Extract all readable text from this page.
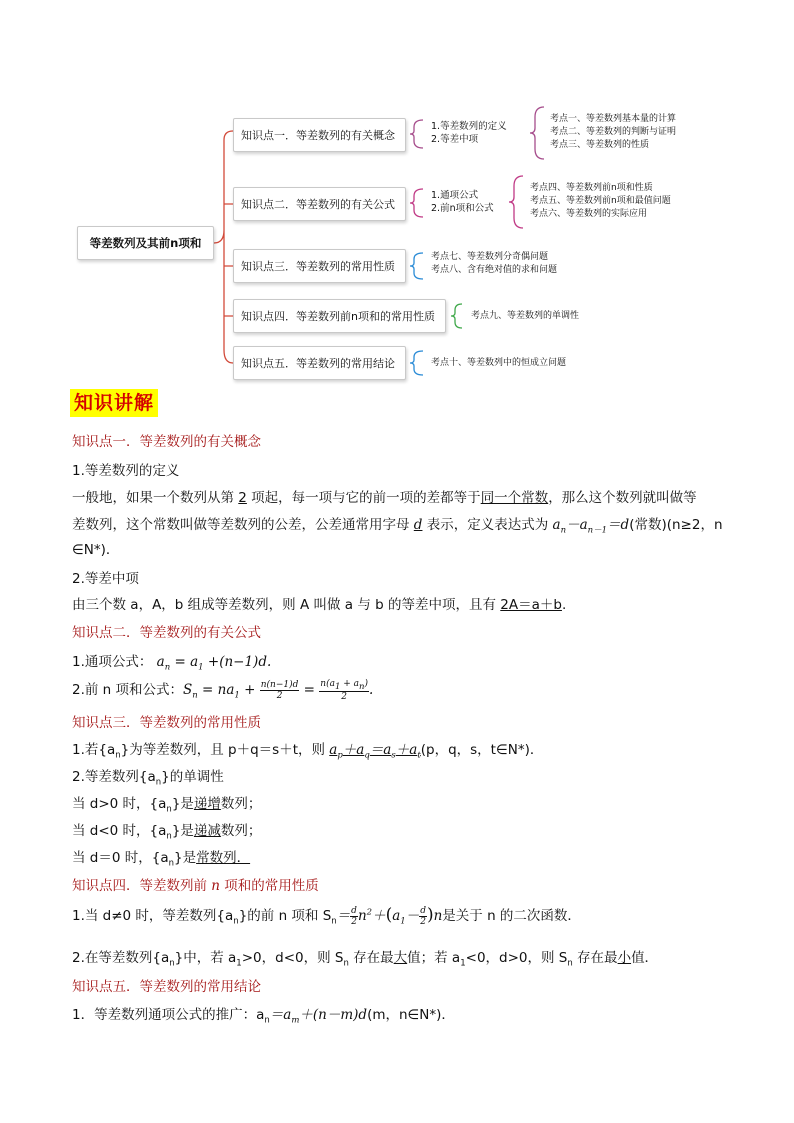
等差数列及其前n项和
知识点一．等差数列的有关概念
知识点二．等差数列的有关公式
知识点三．等差数列的常用性质
知识点四．等差数列前n项和的常用性质
知识点五．等差数列的常用结论
1.等差数列的定义
2.等差中项
考点一、等差数列基本量的计算
考点二、等差数列的判断与证明
考点三、等差数列的性质
1.通项公式
2.前n项和公式
考点四、等差数列前n项和性质
考点五、等差数列前n项和最值问题
考点六、等差数列的实际应用
考点七、等差数列分奇偶问题
考点八、含有绝对值的求和问题
考点九、等差数列的单调性
考点十、等差数列中的恒成立问题
知识讲解
知识点一．等差数列的有关概念
1.等差数列的定义
一般地，如果一个数列从第 2 项起，每一项与它的前一项的差都等于同一个常数，那么这个数列就叫做等
差数列，这个常数叫做等差数列的公差，公差通常用字母 d 表示，定义表达式为 $a_n-a_{n-1}=d$(常数)(n≥2，n
∈N*)．
2.等差中项
由三个数 a，A，b 组成等差数列，则 A 叫做 a 与 b 的等差中项，且有 2A＝a＋b.
知识点二．等差数列的有关公式
1.通项公式： $a_n = a_1 +(n-1)d$.
2.前 n 项和公式：$S_n = na_1 + \frac{n(n-1)d}{2} = \frac{n(a_1 + a_n)}{2}$ .
知识点三．等差数列的常用性质
1.若$\{a_n\}$为等差数列，且 p＋q＝s＋t，则 $a_p+a_q=a_s+a_t(p$，q，s，t∈N*)．
2.等差数列$\{a_n\}$的单调性
当 d>0 时，$\{a_n\}$是递增数列；
当 d<0 时，$\{a_n\}$是递减数列；
当 d＝0 时，$\{a_n\}$是常数列．
知识点四．等差数列前 n 项和的常用性质
1.当 d≠0 时，等差数列$\{a_n\}$的前 n 项和 $S_n= \frac{d}{2} n^2+(a_1- \frac{d}{2} )n$是关于 n 的二次函数．
2.在等差数列$\{a_n\}$中，若 $a_1>0$，d<0，则 $S_n$ 存在最大值；若 $a_1<0$，d>0，则 $S_n$ 存在最小值．
知识点五．等差数列的常用结论
1．等差数列通项公式的推广：$a_n=a_m+(n-m)d(m$，n∈N*)．
